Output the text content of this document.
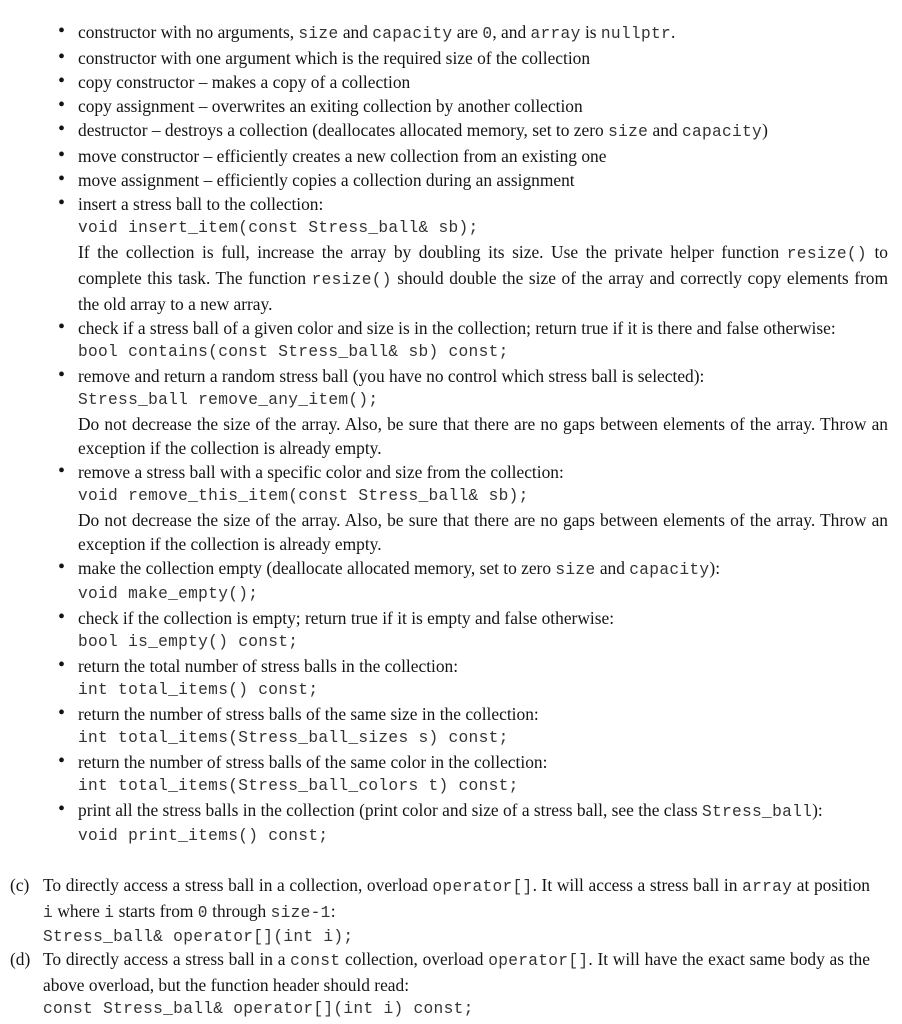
• constructor with no arguments, size and capacity are 0, and array is nullptr.
• constructor with one argument which is the required size of the collection
• copy constructor – makes a copy of a collection
• copy assignment – overwrites an exiting collection by another collection
• destructor – destroys a collection (deallocates allocated memory, set to zero size and capacity)
• move constructor – efficiently creates a new collection from an existing one
• move assignment – efficiently copies a collection during an assignment
• insert a stress ball to the collection:
void insert_item(const Stress_ball& sb);
If the collection is full, increase the array by doubling its size. Use the private helper function resize() to complete this task. The function resize() should double the size of the array and correctly copy elements from the old array to a new array.
• check if a stress ball of a given color and size is in the collection; return true if it is there and false otherwise:
bool contains(const Stress_ball& sb) const;
• remove and return a random stress ball (you have no control which stress ball is selected):
Stress_ball remove_any_item();
Do not decrease the size of the array. Also, be sure that there are no gaps between elements of the array. Throw an exception if the collection is already empty.
• remove a stress ball with a specific color and size from the collection:
void remove_this_item(const Stress_ball& sb);
Do not decrease the size of the array. Also, be sure that there are no gaps between elements of the array. Throw an exception if the collection is already empty.
• make the collection empty (deallocate allocated memory, set to zero size and capacity):
void make_empty();
• check if the collection is empty; return true if it is empty and false otherwise:
bool is_empty() const;
• return the total number of stress balls in the collection:
int total_items() const;
• return the number of stress balls of the same size in the collection:
int total_items(Stress_ball_sizes s) const;
• return the number of stress balls of the same color in the collection:
int total_items(Stress_ball_colors t) const;
• print all the stress balls in the collection (print color and size of a stress ball, see the class Stress_ball):
void print_items() const;
(c) To directly access a stress ball in a collection, overload operator[]. It will access a stress ball in array at position i where i starts from 0 through size-1:
Stress_ball& operator[](int i);
(d) To directly access a stress ball in a const collection, overload operator[]. It will have the exact same body as the above overload, but the function header should read:
const Stress_ball& operator[](int i) const;
